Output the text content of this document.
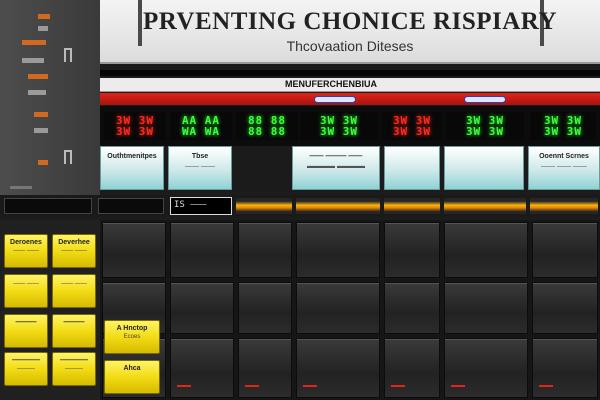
PRVENTING CHONICE RISPIARY
Thcovaation Diteses
MENUFERCHENBIUA
3W 3W
3W 3W
AA AA
WA WA
88 88
88 88
3W 3W
3W 3W
3W 3W
3W 3W
3W 3W
3W 3W
3W 3W
3W 3W
Outhtmenitpes	Tbse
—— ——
—— ——— ——
▬▬▬▬ ▬▬▬▬
Ooennt Scrnes
—— —— ——
IS ———
Deroenes
—— ——
Deverhee
—— ——
—— ——	—— ——
———	———
A Hnctop
Ecoes
————
———
————
———	Ahca
